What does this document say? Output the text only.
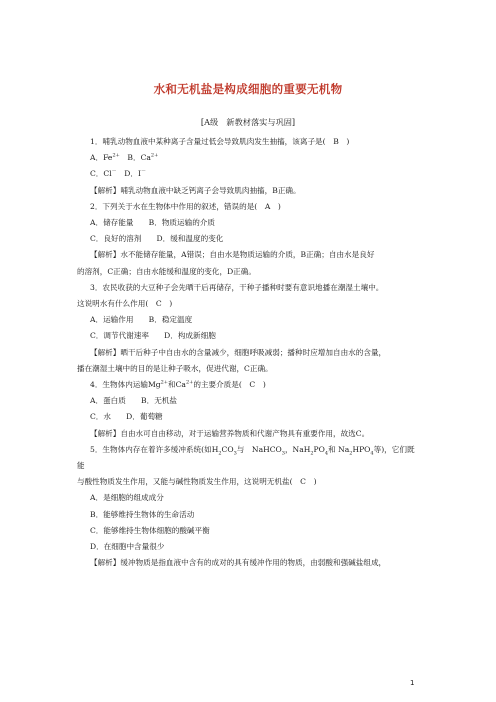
水和无机盐是构成细胞的重要无机物
[A级　新教材落实与巩固]

1．哺乳动物血液中某种离子含量过低会导致肌肉发生抽搐，该离子是(　B　)

A．$Fe^{2+}$　B．$Ca^{2+}$

C．Cl－　D．I－

【解析】哺乳动物血液中缺乏钙离子会导致肌肉抽搐，B正确。

2．下列关于水在生物体中作用的叙述，错误的是(　A　)

A．储存能量　　B．物质运输的介质

C．良好的溶剂　　D．缓和温度的变化

【解析】水不能储存能量，A错误；自由水是物质运输的介质，B正确；自由水是良好

的溶剂，C正确；自由水能缓和温度的变化，D正确。

3．农民收获的大豆种子会先晒干后再储存，干种子播种时要有意识地播在潮湿土壤中。

这说明水有什么作用(　C　)

A．运输作用　　B．稳定温度

C．调节代谢速率　　D．构成新细胞

【解析】晒干后种子中自由水的含量减少，细胞呼吸减弱；播种时应增加自由水的含量，

播在潮湿土壤中的目的是让种子吸水，促进代谢，C正确。

4．生物体内运输$Mg^{2+}$和$Ca^{2+}$的主要介质是(　C　)

A．蛋白质　　B．无机盐

C．水　　D．葡萄糖

【解析】自由水可自由移动，对于运输营养物质和代谢产物具有重要作用，故选C。

5．生物体内存在着许多缓冲系统(如$H_2CO_3$与　NaHCO$_3$，$NaH_2PO_4$和 $Na_2HPO_4$等)，它们既能

与酸性物质发生作用，又能与碱性物质发生作用，这说明无机盐(　C　)

A．是细胞的组成成分

B．能够维持生物体的生命活动

C．能够维持生物体细胞的酸碱平衡

D．在细胞中含量很少

【解析】缓冲物质是指血液中含有的成对的具有缓冲作用的物质，由弱酸和强碱盐组成，

1
